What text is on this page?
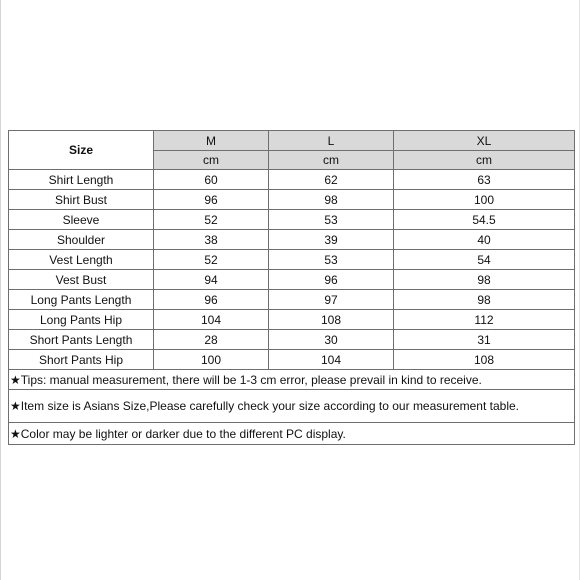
Size	M	L	XL
	cm	cm	cm
Shirt Length	60	62	63
Shirt Bust	96	98	100
Sleeve	52	53	54.5
Shoulder	38	39	40
Vest Length	52	53	54
Vest Bust	94	96	98
Long Pants Length	96	97	98
Long Pants Hip	104	108	112
Short Pants Length	28	30	31
Short Pants Hip	100	104	108
★Tips: manual measurement, there will be 1-3 cm error, please prevail in kind to receive.			
★Item size is Asians Size,Please carefully check your size according to our measurement table.			
★Color may be lighter or darker due to the different PC display.			
